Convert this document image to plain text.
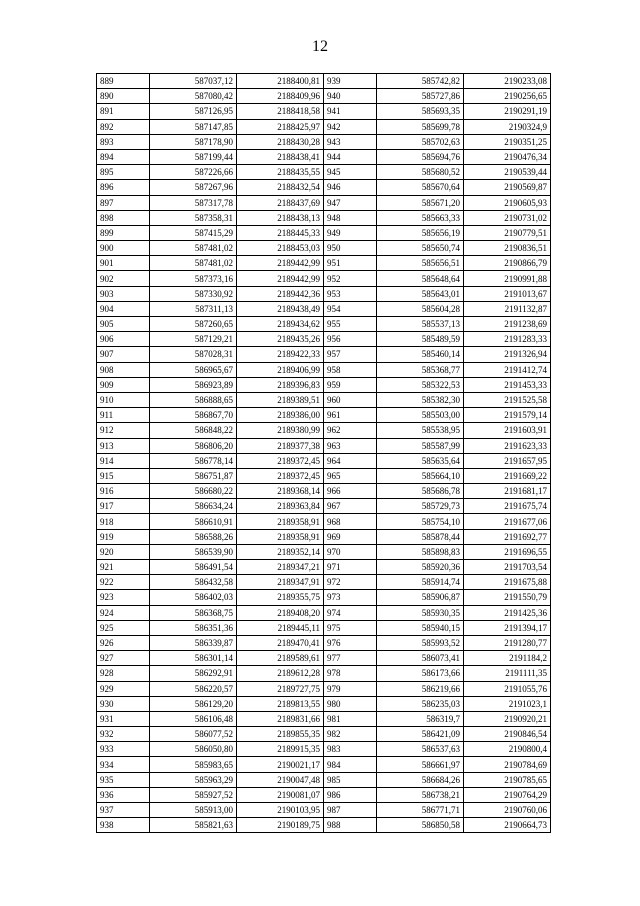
12
889	587037,12	2188400,81	939	585742,82	2190233,08
890	587080,42	2188409,96	940	585727,86	2190256,65
891	587126,95	2188418,58	941	585693,35	2190291,19
892	587147,85	2188425,97	942	585699,78	2190324,9
893	587178,90	2188430,28	943	585702,63	2190351,25
894	587199,44	2188438,41	944	585694,76	2190476,34
895	587226,66	2188435,55	945	585680,52	2190539,44
896	587267,96	2188432,54	946	585670,64	2190569,87
897	587317,78	2188437,69	947	585671,20	2190605,93
898	587358,31	2188438,13	948	585663,33	2190731,02
899	587415,29	2188445,33	949	585656,19	2190779,51
900	587481,02	2188453,03	950	585650,74	2190836,51
901	587481,02	2189442,99	951	585656,51	2190866,79
902	587373,16	2189442,99	952	585648,64	2190991,88
903	587330,92	2189442,36	953	585643,01	2191013,67
904	587311,13	2189438,49	954	585604,28	2191132,87
905	587260,65	2189434,62	955	585537,13	2191238,69
906	587129,21	2189435,26	956	585489,59	2191283,33
907	587028,31	2189422,33	957	585460,14	2191326,94
908	586965,67	2189406,99	958	585368,77	2191412,74
909	586923,89	2189396,83	959	585322,53	2191453,33
910	586888,65	2189389,51	960	585382,30	2191525,58
911	586867,70	2189386,00	961	585503,00	2191579,14
912	586848,22	2189380,99	962	585538,95	2191603,91
913	586806,20	2189377,38	963	585587,99	2191623,33
914	586778,14	2189372,45	964	585635,64	2191657,95
915	586751,87	2189372,45	965	585664,10	2191669,22
916	586680,22	2189368,14	966	585686,78	2191681,17
917	586634,24	2189363,84	967	585729,73	2191675,74
918	586610,91	2189358,91	968	585754,10	2191677,06
919	586588,26	2189358,91	969	585878,44	2191692,77
920	586539,90	2189352,14	970	585898,83	2191696,55
921	586491,54	2189347,21	971	585920,36	2191703,54
922	586432,58	2189347,91	972	585914,74	2191675,88
923	586402,03	2189355,75	973	585906,87	2191550,79
924	586368,75	2189408,20	974	585930,35	2191425,36
925	586351,36	2189445,11	975	585940,15	2191394,17
926	586339,87	2189470,41	976	585993,52	2191280,77
927	586301,14	2189589,61	977	586073,41	2191184,2
928	586292,91	2189612,28	978	586173,66	2191111,35
929	586220,57	2189727,75	979	586219,66	2191055,76
930	586129,20	2189813,55	980	586235,03	2191023,1
931	586106,48	2189831,66	981	586319,7	2190920,21
932	586077,52	2189855,35	982	586421,09	2190846,54
933	586050,80	2189915,35	983	586537,63	2190800,4
934	585983,65	2190021,17	984	586661,97	2190784,69
935	585963,29	2190047,48	985	586684,26	2190785,65
936	585927,52	2190081,07	986	586738,21	2190764,29
937	585913,00	2190103,95	987	586771,71	2190760,06
938	585821,63	2190189,75	988	586850,58	2190664,73
